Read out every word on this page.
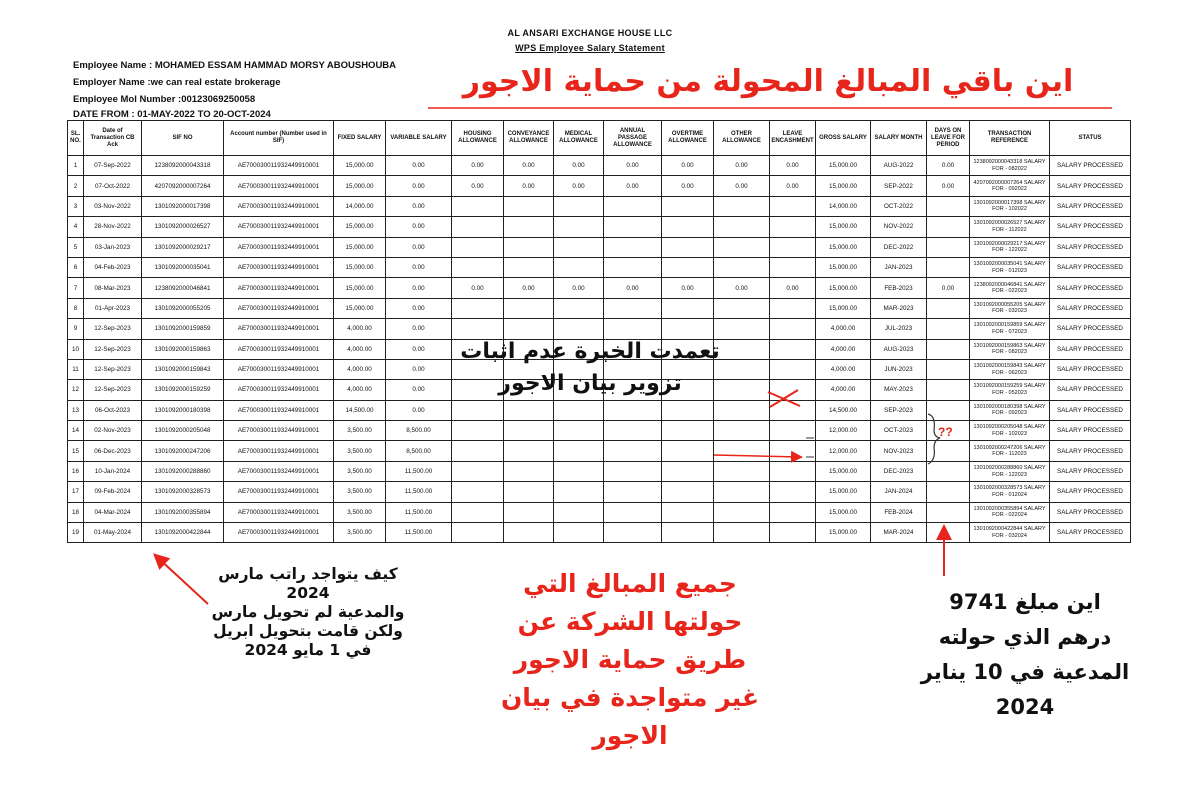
AL ANSARI EXCHANGE HOUSE LLC
WPS Employee Salary Statement
Employee Name : MOHAMED ESSAM HAMMAD MORSY ABOUSHOUBA
Employer Name :we can real estate brokerage
Employee Mol Number :00123069250058
DATE FROM : 01-MAY-2022 TO 20-OCT-2024
SL. NO.	Date of Transaction CB Ack	SIF NO	Account number (Number used in SIF)	FIXED SALARY	VARIABLE SALARY	HOUSING ALLOWANCE	CONVEYANCE ALLOWANCE	MEDICAL ALLOWANCE	ANNUAL PASSAGE ALLOWANCE	OVERTIME ALLOWANCE	OTHER ALLOWANCE	LEAVE ENCASHMENT	GROSS SALARY	SALARY MONTH	DAYS ON LEAVE FOR PERIOD	TRANSACTION REFERENCE	STATUS
1	07-Sep-2022	1238092000043318	AE700030011932449910001	15,000.00	0.00	0.00	0.00	0.00	0.00	0.00	0.00	0.00	15,000.00	AUG-2022	0.00	1238092000043318 SALARY FOR - 082022	SALARY PROCESSED
2	07-Oct-2022	4207092000007264	AE700030011932449910001	15,000.00	0.00	0.00	0.00	0.00	0.00	0.00	0.00	0.00	15,000.00	SEP-2022	0.00	4207092000007264 SALARY FOR - 092022	SALARY PROCESSED
3	03-Nov-2022	1301092000017398	AE700030011932449910001	14,000.00	0.00								14,000.00	OCT-2022		1301092000017398 SALARY FOR - 102022	SALARY PROCESSED
4	28-Nov-2022	1301092000026527	AE700030011932449910001	15,000.00	0.00								15,000.00	NOV-2022		1301092000026527 SALARY FOR - 112022	SALARY PROCESSED
5	03-Jan-2023	1301092000029217	AE700030011932449910001	15,000.00	0.00								15,000.00	DEC-2022		1301092000029217 SALARY FOR - 122022	SALARY PROCESSED
6	04-Feb-2023	1301092000035041	AE700030011932449910001	15,000.00	0.00								15,000.00	JAN-2023		1301092000035041 SALARY FOR - 012023	SALARY PROCESSED
7	08-Mar-2023	1238092000046841	AE700030011932449910001	15,000.00	0.00	0.00	0.00	0.00	0.00	0.00	0.00	0.00	15,000.00	FEB-2023	0.00	1238092000046841 SALARY FOR - 022023	SALARY PROCESSED
8	01-Apr-2023	1301092000055205	AE700030011932449910001	15,000.00	0.00								15,000.00	MAR-2023		1301092000055205 SALARY FOR - 032023	SALARY PROCESSED
9	12-Sep-2023	1301092000159859	AE700030011932449910001	4,000.00	0.00								4,000.00	JUL-2023		1301092000159859 SALARY FOR - 072023	SALARY PROCESSED
10	12-Sep-2023	1301092000159863	AE700030011932449910001	4,000.00	0.00								4,000.00	AUG-2023		1301092000159863 SALARY FOR - 082023	SALARY PROCESSED
11	12-Sep-2023	1301092000159843	AE700030011932449910001	4,000.00	0.00								4,000.00	JUN-2023		1301092000159843 SALARY FOR - 062023	SALARY PROCESSED
12	12-Sep-2023	1301092000159259	AE700030011932449910001	4,000.00	0.00								4,000.00	MAY-2023		1301092000159259 SALARY FOR - 052023	SALARY PROCESSED
13	06-Oct-2023	1301092000180398	AE700030011932449910001	14,500.00	0.00								14,500.00	SEP-2023		1301092000180398 SALARY FOR - 092023	SALARY PROCESSED
14	02-Nov-2023	1301092000205048	AE700030011932449910001	3,500.00	8,500.00								12,000.00	OCT-2023		1301092000205048 SALARY FOR - 102023	SALARY PROCESSED
15	06-Dec-2023	1301092000247206	AE700030011932449910001	3,500.00	8,500.00								12,000.00	NOV-2023		1301092000247206 SALARY FOR - 112023	SALARY PROCESSED
16	10-Jan-2024	1301092000288860	AE700030011932449910001	3,500.00	11,500.00								15,000.00	DEC-2023		1301092000288860 SALARY FOR - 122023	SALARY PROCESSED
17	09-Feb-2024	1301092000328573	AE700030011932449910001	3,500.00	11,500.00								15,000.00	JAN-2024		1301092000328573 SALARY FOR - 012024	SALARY PROCESSED
18	04-Mar-2024	1301092000355894	AE700030011932449910001	3,500.00	11,500.00								15,000.00	FEB-2024		1301092000355894 SALARY FOR - 022024	SALARY PROCESSED
19	01-May-2024	1301092000422844	AE700030011932449910001	3,500.00	11,500.00								15,000.00	MAR-2024		1301092000422844 SALARY FOR - 032024	SALARY PROCESSED
اين باقي المبالغ المحولة من حماية الاجور
تعمدت الخبرة عدم اثبات
تزوير بيان الاجور
??
كيف يتواجد راتب مارس
2024
والمدعية لم تحويل مارس
ولكن قامت بتحويل ابريل
في 1 مايو 2024
جميع المبالغ التي
حولتها الشركة عن
طريق حماية الاجور
غير متواجدة في بيان
الاجور
اين مبلغ 9741
درهم الذي حولته
المدعية في 10 يناير
2024
